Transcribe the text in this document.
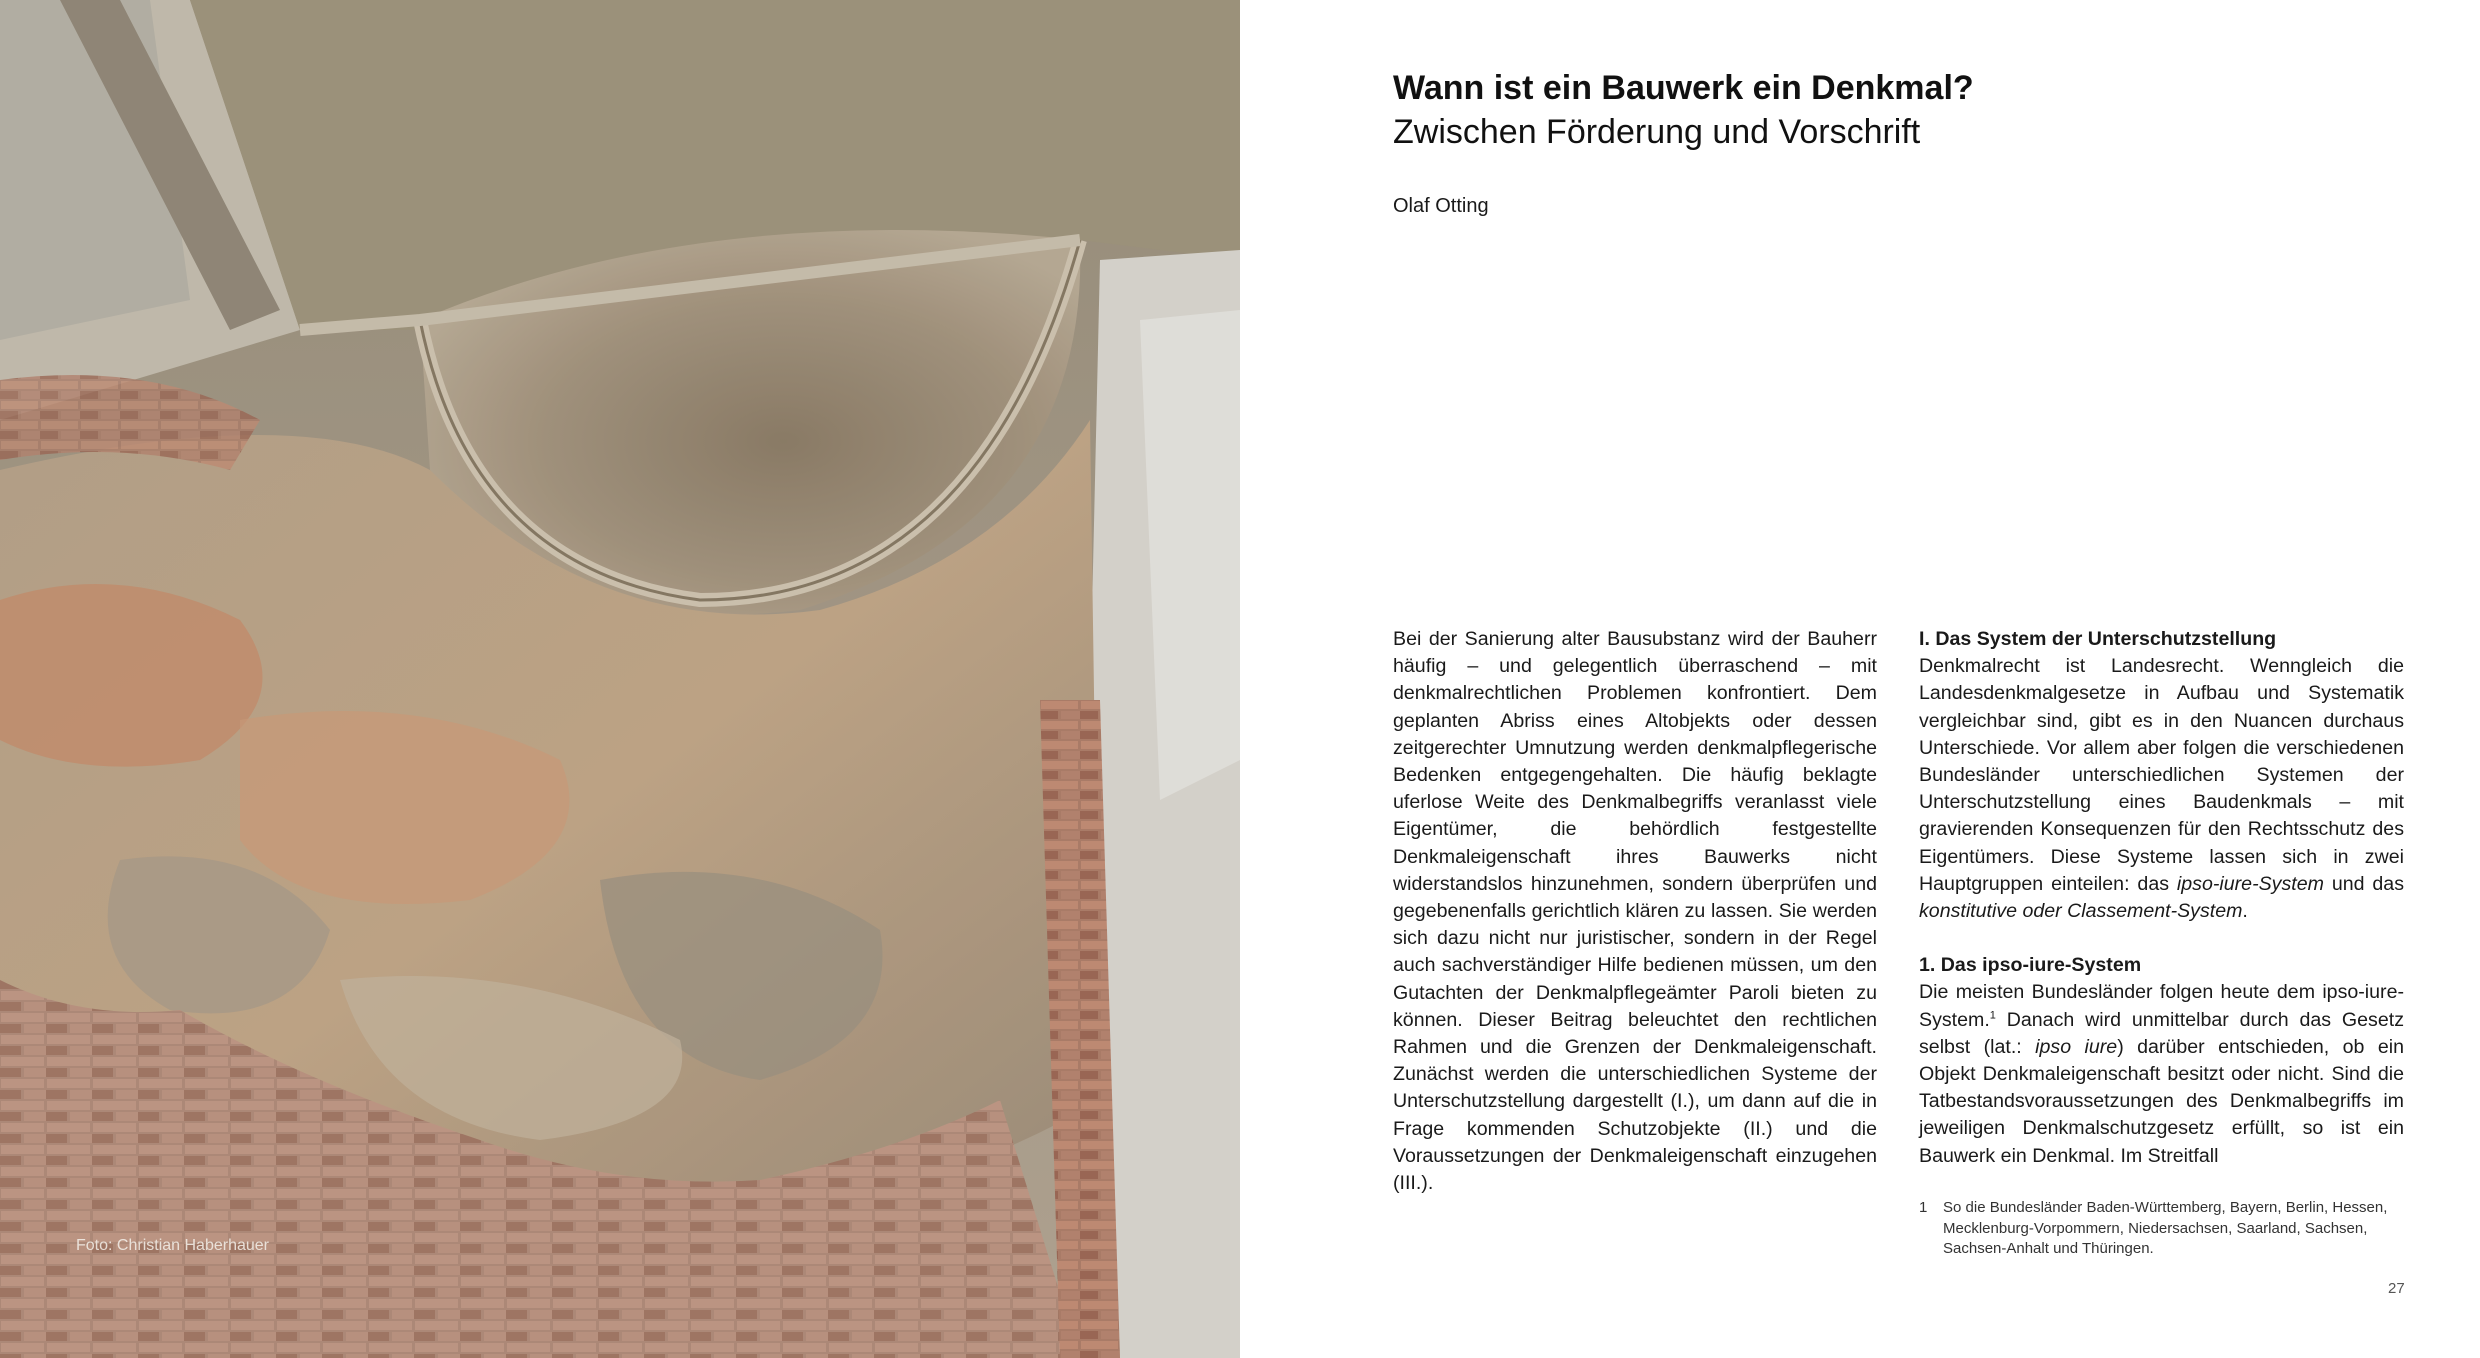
Foto: Christian Haberhauer
Wann ist ein Bauwerk ein Denkmal?
Zwischen Förderung und Vorschrift
Olaf Otting

Bei der Sanierung alter Bausubstanz wird der Bauherr häufig – und gelegentlich überraschend – mit denkmalrechtlichen Problemen konfrontiert. Dem geplanten Abriss eines Altobjekts oder dessen zeitgerechter Umnutzung werden denkmalpflegerische Bedenken entgegengehalten. Die häufig beklagte uferlose Weite des Denkmalbegriffs veranlasst viele Eigentümer, die behördlich festgestellte Denkmaleigenschaft ihres Bauwerks nicht widerstandslos hinzunehmen, sondern überprüfen und gegebenenfalls gerichtlich klären zu lassen. Sie werden sich dazu nicht nur juristischer, sondern in der Regel auch sachverständiger Hilfe bedienen müssen, um den Gutachten der Denkmalpflegeämter Paroli bieten zu können. Dieser Beitrag beleuchtet den rechtlichen Rahmen und die Grenzen der Denkmaleigenschaft. Zunächst werden die unterschiedlichen Systeme der Unterschutzstellung dargestellt (I.), um dann auf die in Frage kommenden Schutzobjekte (II.) und die Voraussetzungen der Denkmaleigenschaft einzugehen (III.).

I. Das System der Unterschutzstellung

Denkmalrecht ist Landesrecht. Wenngleich die Landesdenkmalgesetze in Aufbau und Systematik vergleichbar sind, gibt es in den Nuancen durchaus Unterschiede. Vor allem aber folgen die verschiedenen Bundesländer unterschiedlichen Systemen der Unterschutzstellung eines Baudenkmals – mit gravierenden Konsequenzen für den Rechtsschutz des Eigentümers. Diese Systeme lassen sich in zwei Hauptgruppen einteilen: das ipso-iure-System und das konstitutive oder Classement-System.

1. Das ipso-iure-System

Die meisten Bundesländer folgen heute dem ipso-iure-System.$^1$ Danach wird unmittelbar durch das Gesetz selbst (lat.: ipso iure) darüber entschieden, ob ein Objekt Denkmaleigenschaft besitzt oder nicht. Sind die Tatbestandsvoraussetzungen des Denkmalbegriffs im jeweiligen Denkmalschutzgesetz erfüllt, so ist ein Bauwerk ein Denkmal. Im Streitfall

1 So die Bundesländer Baden-Württemberg, Bayern, Berlin, Hessen, Mecklenburg-Vorpommern, Niedersachsen, Saarland, Sachsen, Sachsen-Anhalt und Thüringen.
27
